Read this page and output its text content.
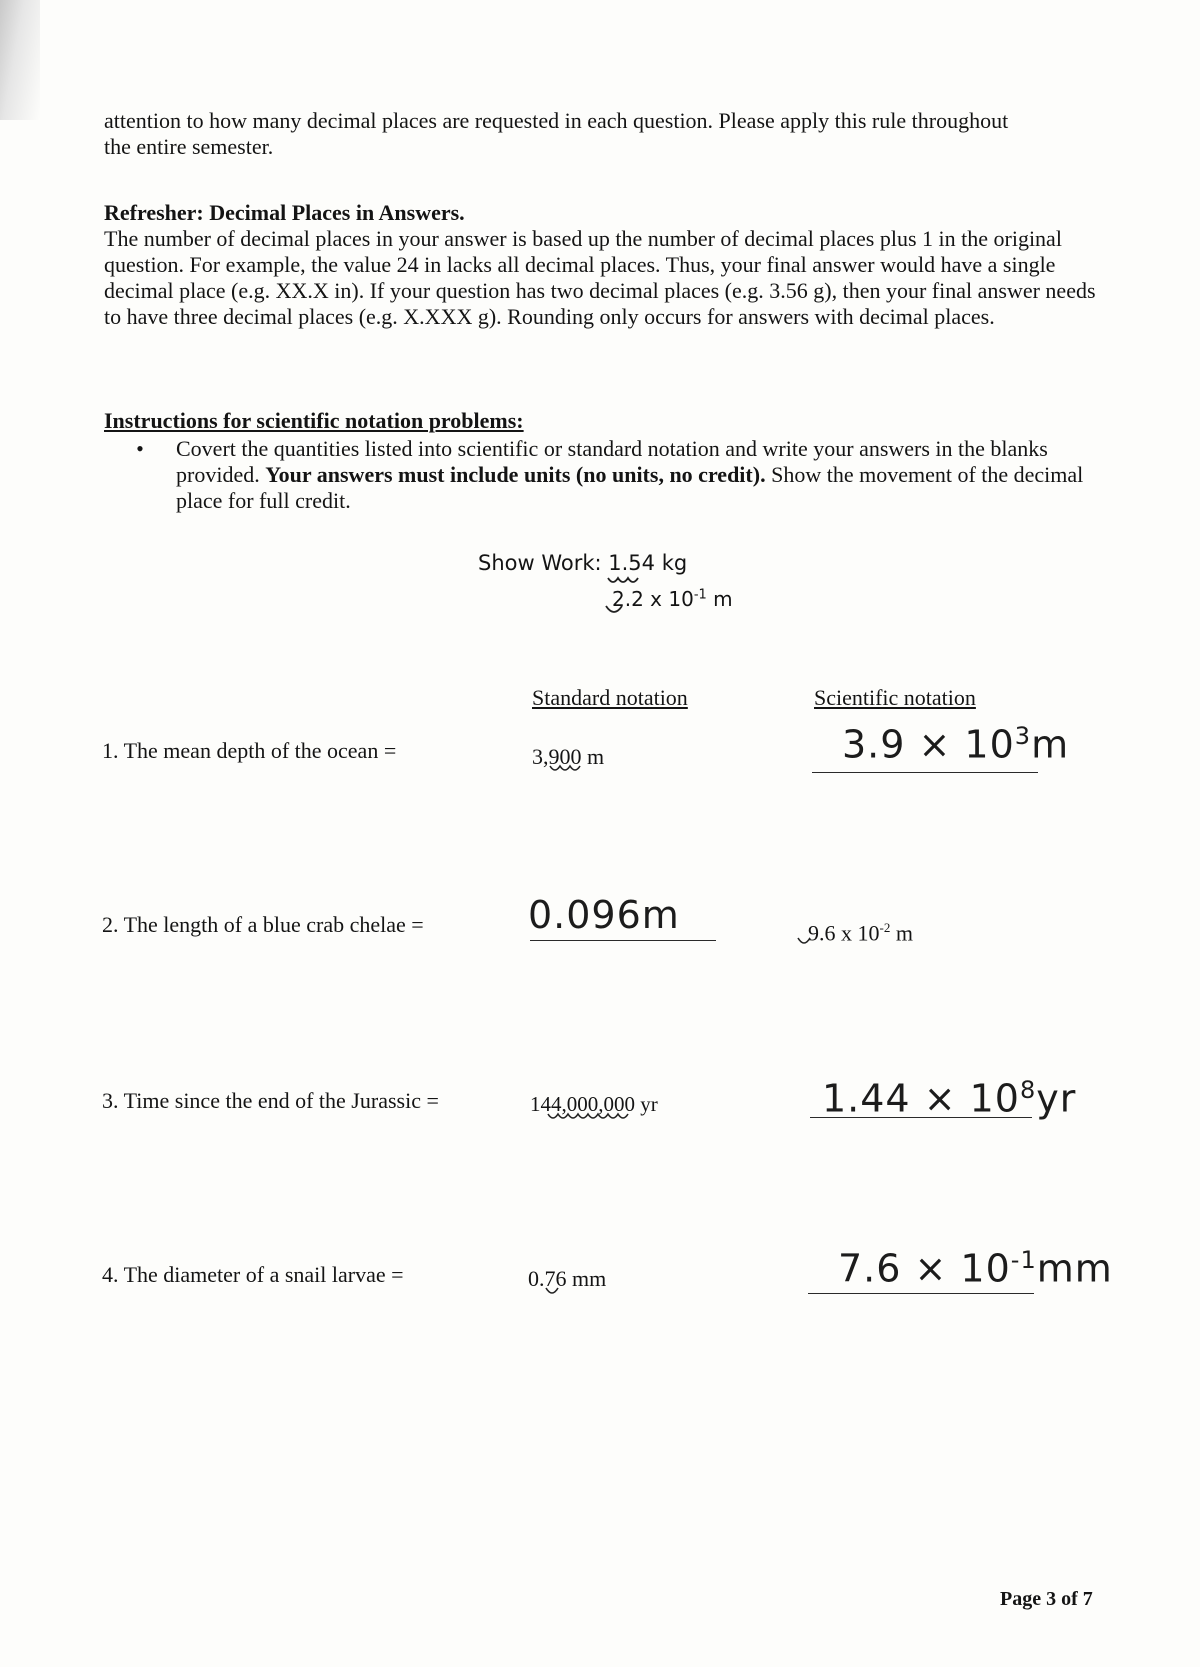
attention to how many decimal places are requested in each question. Please apply this rule throughout
the entire semester.
Refresher: Decimal Places in Answers.
The number of decimal places in your answer is based up the number of decimal places plus 1 in the original question. For example, the value 24 in lacks all decimal places. Thus, your final answer would have a single decimal place (e.g. XX.X in). If your question has two decimal places (e.g. 3.56 g), then your final answer needs to have three decimal places (e.g. X.XXX g). Rounding only occurs for answers with decimal places.
Instructions for scientific notation problems:
•	Covert the quantities listed into scientific or standard notation and write your answers in the blanks provided. Your answers must include units (no units, no credit). Show the movement of the decimal place for full credit.
Show Work: 1.54 kg
2.2 x $10^{-1}$ m
Standard notation	Scientific notation
1. The mean depth of the ocean =	3,900 m	$3.9 \times 10^3m$
2. The length of a blue crab chelae =	0.096m	9.6 x $10^{-2}$ m
3. Time since the end of the Jurassic =	144,000,000 yr	$1.44 \times 10^8yr$
4. The diameter of a snail larvae =	0.76 mm	$7.6 \times 10^{-1}mm$
Page 3 of 7
